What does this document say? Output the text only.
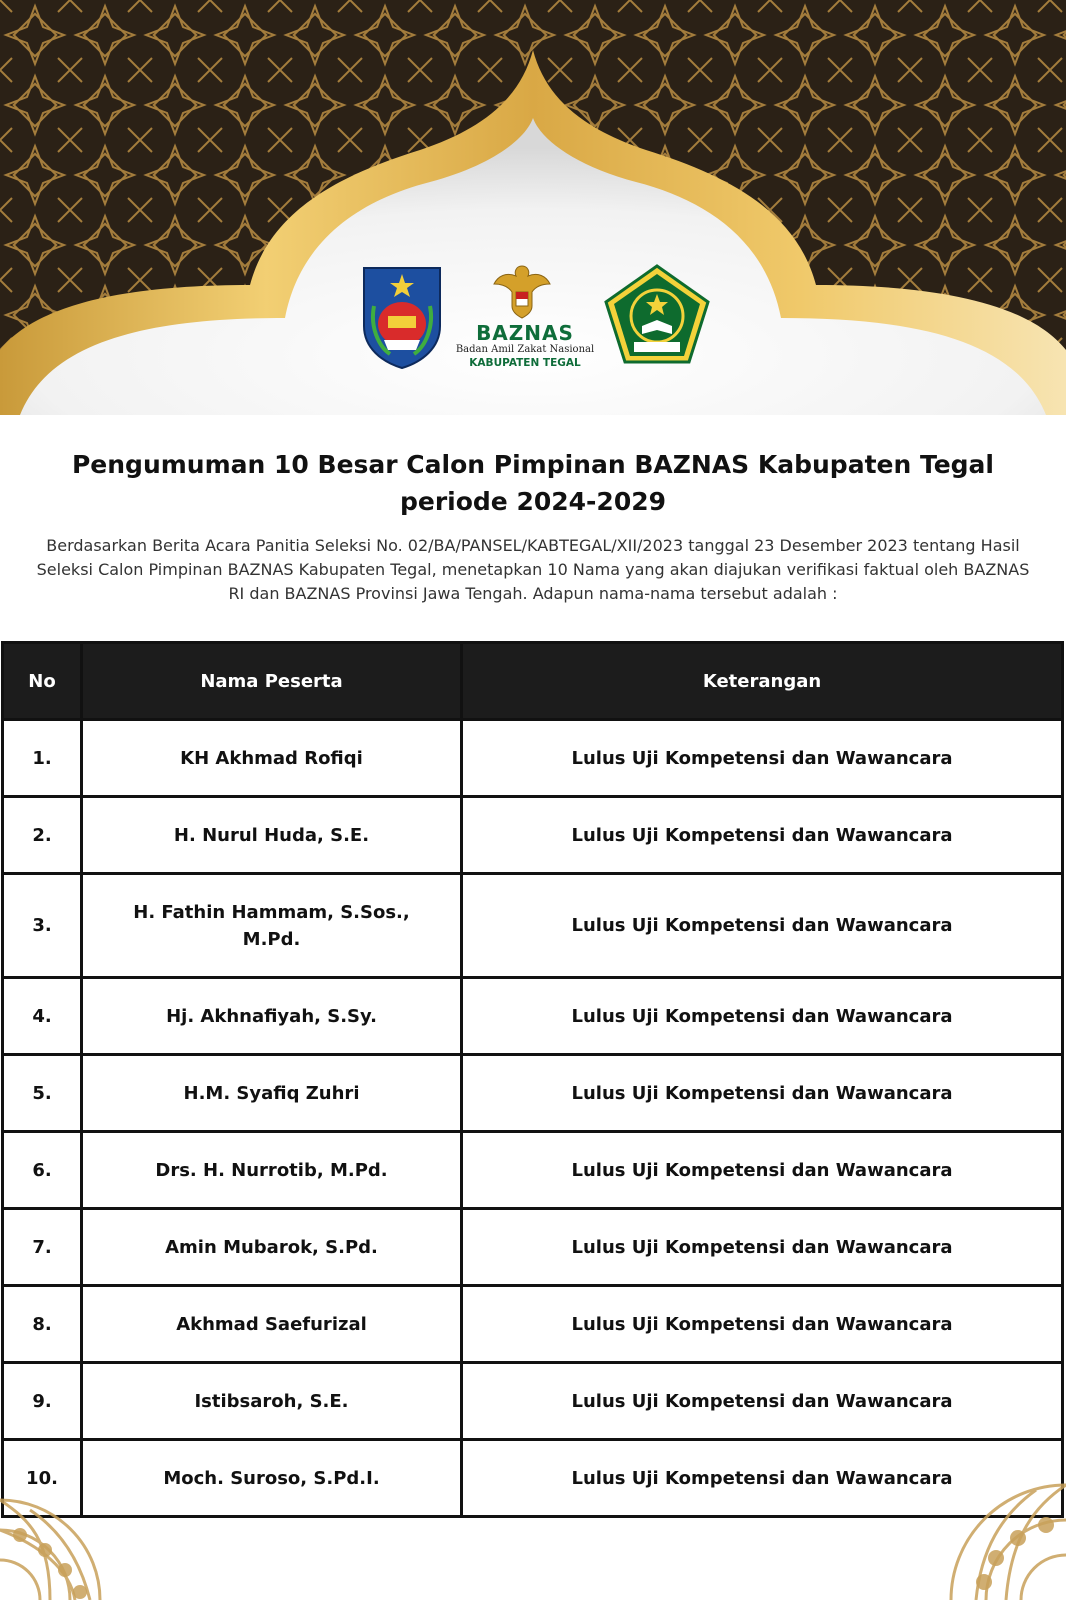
BAZNAS
Badan Amil Zakat Nasional
KABUPATEN TEGAL
Pengumuman 10 Besar Calon Pimpinan BAZNAS Kabupaten Tegal periode 2024-2029
Berdasarkan Berita Acara Panitia Seleksi No. 02/BA/PANSEL/KABTEGAL/XII/2023 tanggal 23 Desember 2023 tentang Hasil Seleksi Calon Pimpinan BAZNAS Kabupaten Tegal, menetapkan 10 Nama yang akan diajukan verifikasi faktual oleh BAZNAS RI dan BAZNAS Provinsi Jawa Tengah. Adapun nama-nama tersebut adalah :
No	Nama Peserta	Keterangan
1.	KH Akhmad Rofiqi	Lulus Uji Kompetensi dan Wawancara
2.	H. Nurul Huda, S.E.	Lulus Uji Kompetensi dan Wawancara
3.	H. Fathin Hammam, S.Sos., M.Pd.	Lulus Uji Kompetensi dan Wawancara
4.	Hj. Akhnafiyah, S.Sy.	Lulus Uji Kompetensi dan Wawancara
5.	H.M. Syafiq Zuhri	Lulus Uji Kompetensi dan Wawancara
6.	Drs. H. Nurrotib, M.Pd.	Lulus Uji Kompetensi dan Wawancara
7.	Amin Mubarok, S.Pd.	Lulus Uji Kompetensi dan Wawancara
8.	Akhmad Saefurizal	Lulus Uji Kompetensi dan Wawancara
9.	Istibsaroh, S.E.	Lulus Uji Kompetensi dan Wawancara
10.	Moch. Suroso, S.Pd.I.	Lulus Uji Kompetensi dan Wawancara
